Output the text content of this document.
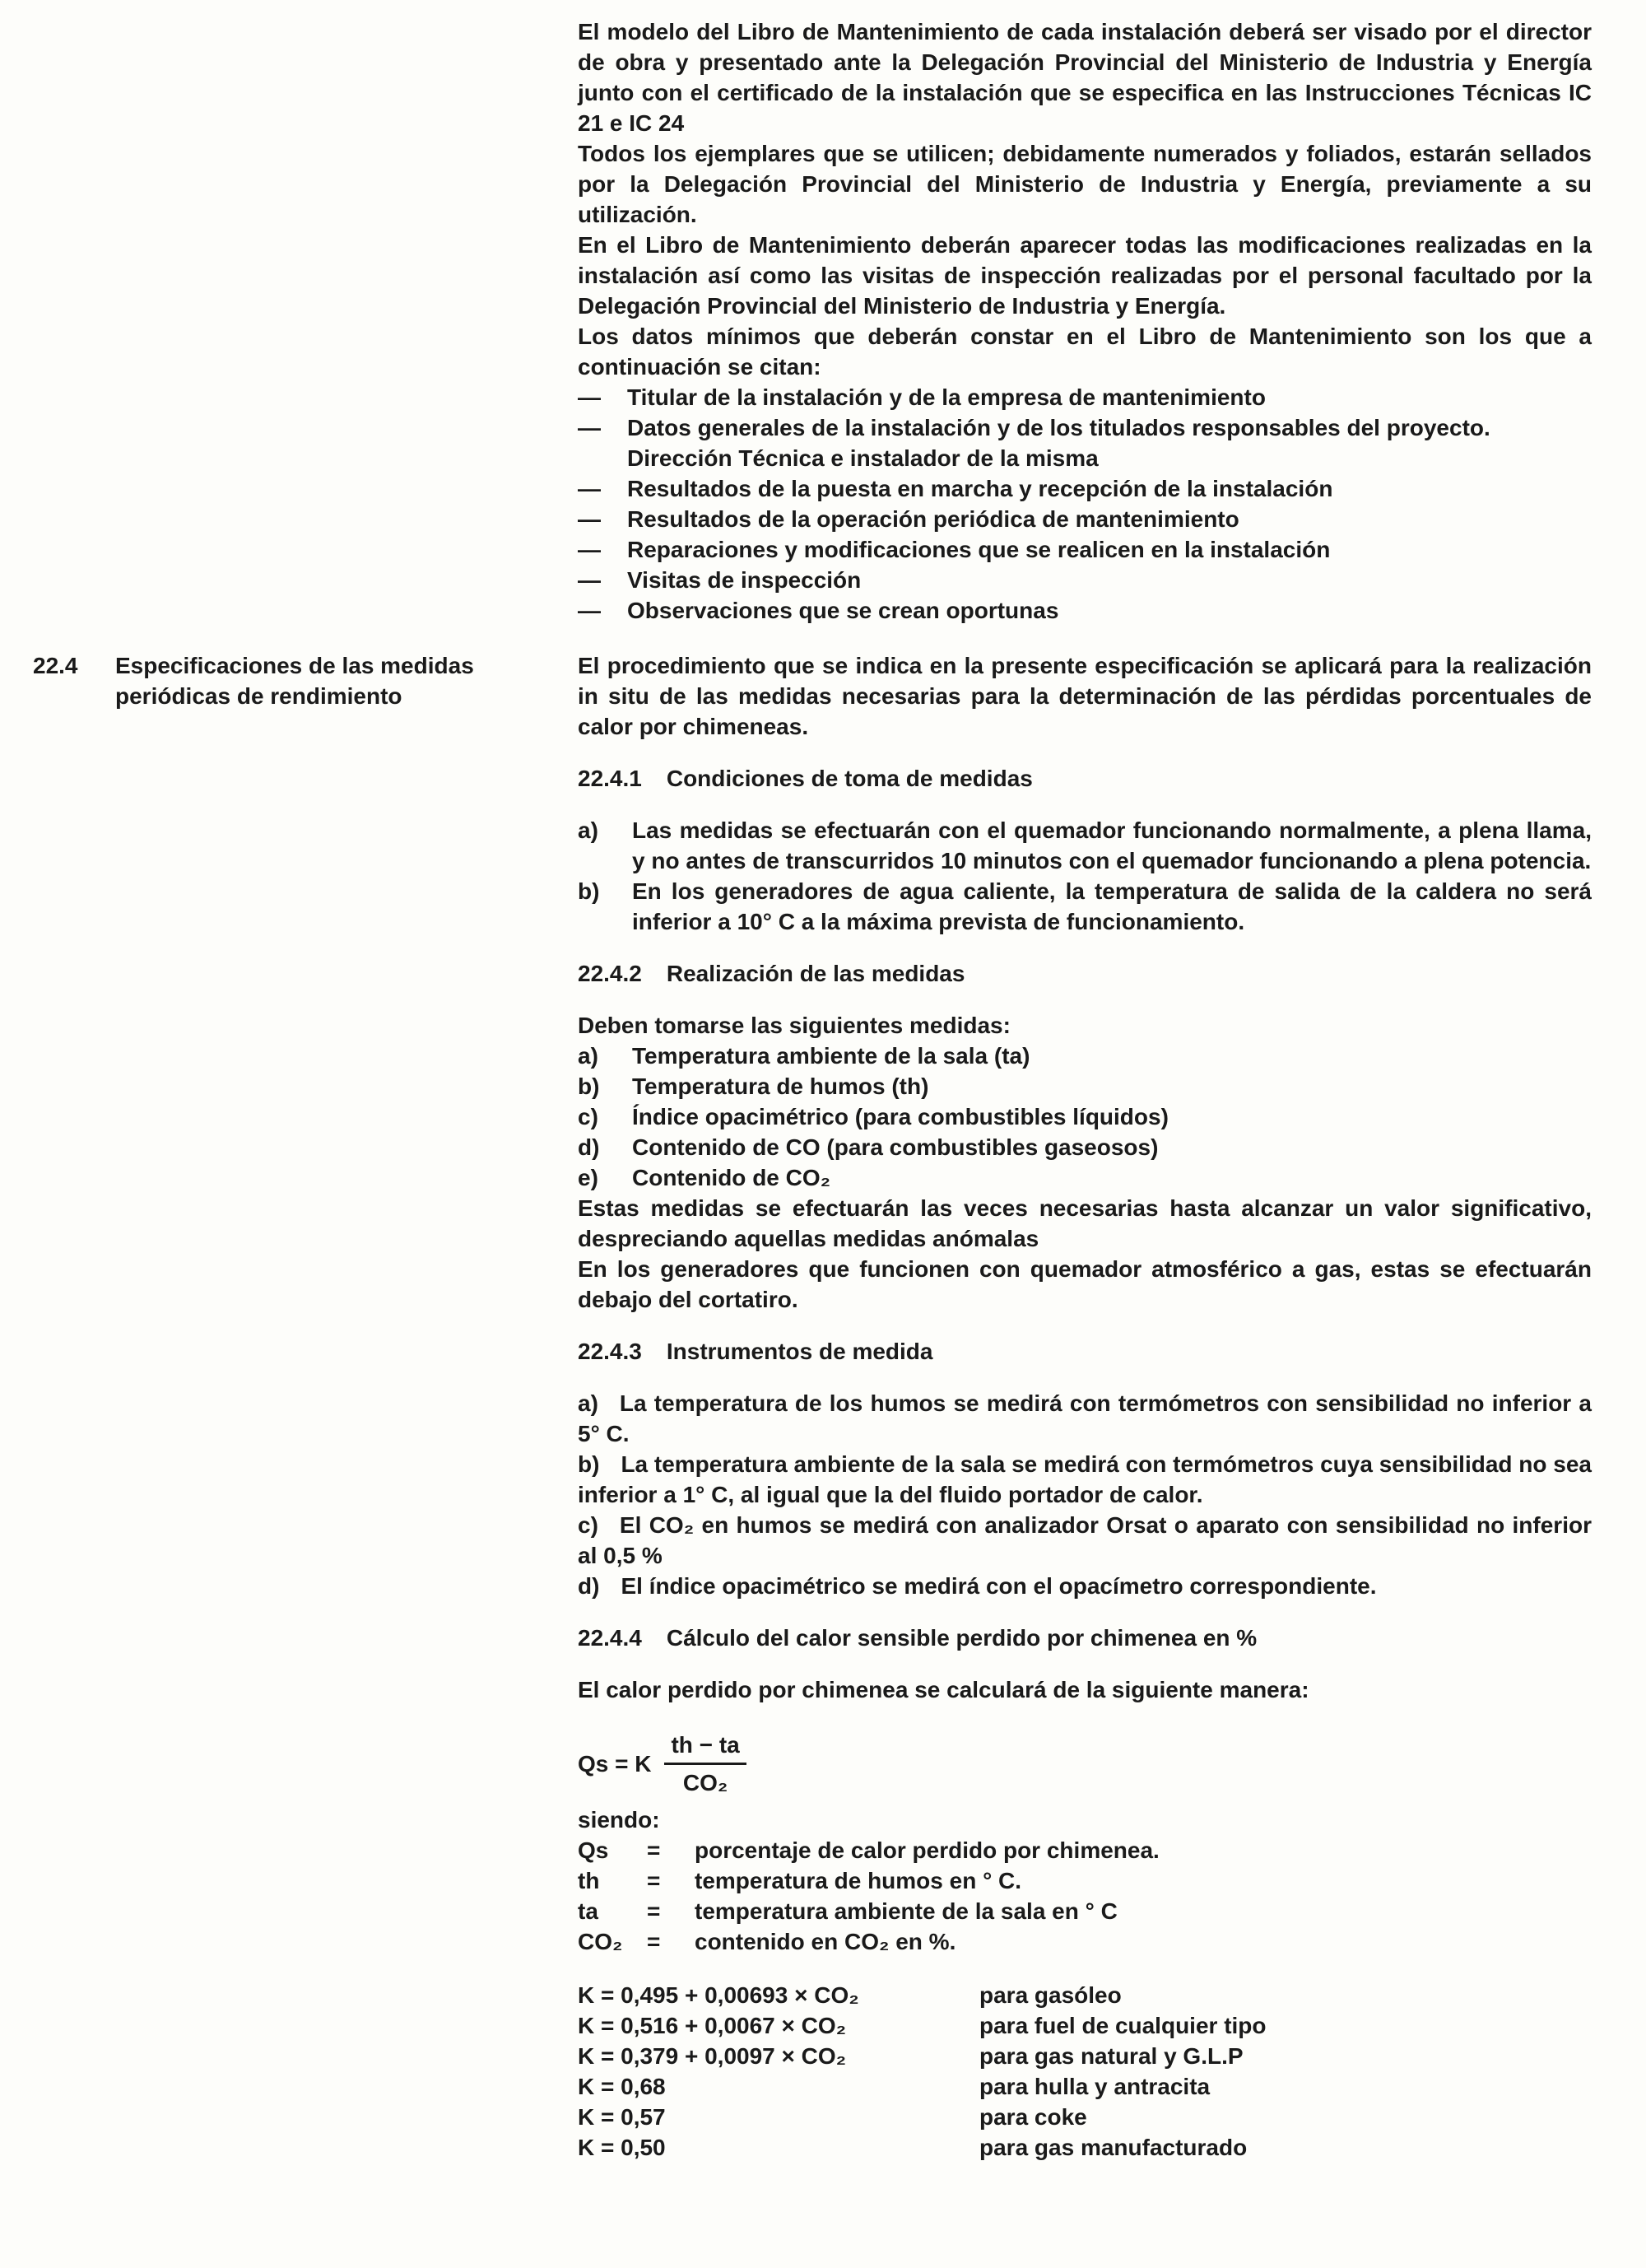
El modelo del Libro de Mantenimiento de cada instalación deberá ser visado por el director de obra y presentado ante la Delegación Provincial del Ministerio de Industria y Energía junto con el certificado de la instalación que se especifica en las Instrucciones Técnicas IC 21 e IC 24

Todos los ejemplares que se utilicen; debidamente numerados y foliados, estarán sellados por la Delegación Provincial del Ministerio de Industria y Energía, previamente a su utilización.

En el Libro de Mantenimiento deberán aparecer todas las modificaciones realizadas en la instalación así como las visitas de inspección realizadas por el personal facultado por la Delegación Provincial del Ministerio de Industria y Energía.

Los datos mínimos que deberán constar en el Libro de Mantenimiento son los que a continuación se citan:

—	Titular de la instalación y de la empresa de mantenimiento
—	Datos generales de la instalación y de los titulados responsables del proyecto. Dirección Técnica e instalador de la misma
—	Resultados de la puesta en marcha y recepción de la instalación
—	Resultados de la operación periódica de mantenimiento
—	Reparaciones y modificaciones que se realicen en la instalación
—	Visitas de inspección
—	Observaciones que se crean oportunas
22.4	Especificaciones de las medidas periódicas de rendimiento

El procedimiento que se indica en la presente especificación se aplicará para la realización in situ de las medidas necesarias para la determinación de las pérdidas porcentuales de calor por chimeneas.

22.4.1 Condiciones de toma de medidas
a)	Las medidas se efectuarán con el quemador funcionando normalmente, a plena llama, y no antes de transcurridos 10 minutos con el quemador funcionando a plena potencia.
b)	En los generadores de agua caliente, la temperatura de salida de la caldera no será inferior a 10° C a la máxima prevista de funcionamiento.
22.4.2 Realización de las medidas

Deben tomarse las siguientes medidas:

a)	Temperatura ambiente de la sala (ta)
b)	Temperatura de humos (th)
c)	Índice opacimétrico (para combustibles líquidos)
d)	Contenido de CO (para combustibles gaseosos)
e)	Contenido de CO₂

Estas medidas se efectuarán las veces necesarias hasta alcanzar un valor significativo, despreciando aquellas medidas anómalas

En los generadores que funcionen con quemador atmosférico a gas, estas se efectuarán debajo del cortatiro.

22.4.3 Instrumentos de medida

a) La temperatura de los humos se medirá con termómetros con sensibilidad no inferior a 5° C.

b) La temperatura ambiente de la sala se medirá con termómetros cuya sensibilidad no sea inferior a 1° C, al igual que la del fluido portador de calor.

c) El CO₂ en humos se medirá con analizador Orsat o aparato con sensibilidad no inferior al 0,5 %

d) El índice opacimétrico se medirá con el opacímetro correspondiente.

22.4.4 Cálculo del calor sensible perdido por chimenea en %

El calor perdido por chimenea se calculará de la siguiente manera:

Qs = K $\frac{th - ta}{\text{CO₂}}$

siendo:

Qs	=	porcentaje de calor perdido por chimenea.
th	=	temperatura de humos en ° C.
ta	=	temperatura ambiente de la sala en ° C
CO₂	=	contenido en CO₂ en %.
K = 0,495 + 0,00693 × CO₂	para gasóleo
K = 0,516 + 0,0067 × CO₂	para fuel de cualquier tipo
K = 0,379 + 0,0097 × CO₂	para gas natural y G.L.P
K = 0,68	para hulla y antracita
K = 0,57	para coke
K = 0,50	para gas manufacturado
